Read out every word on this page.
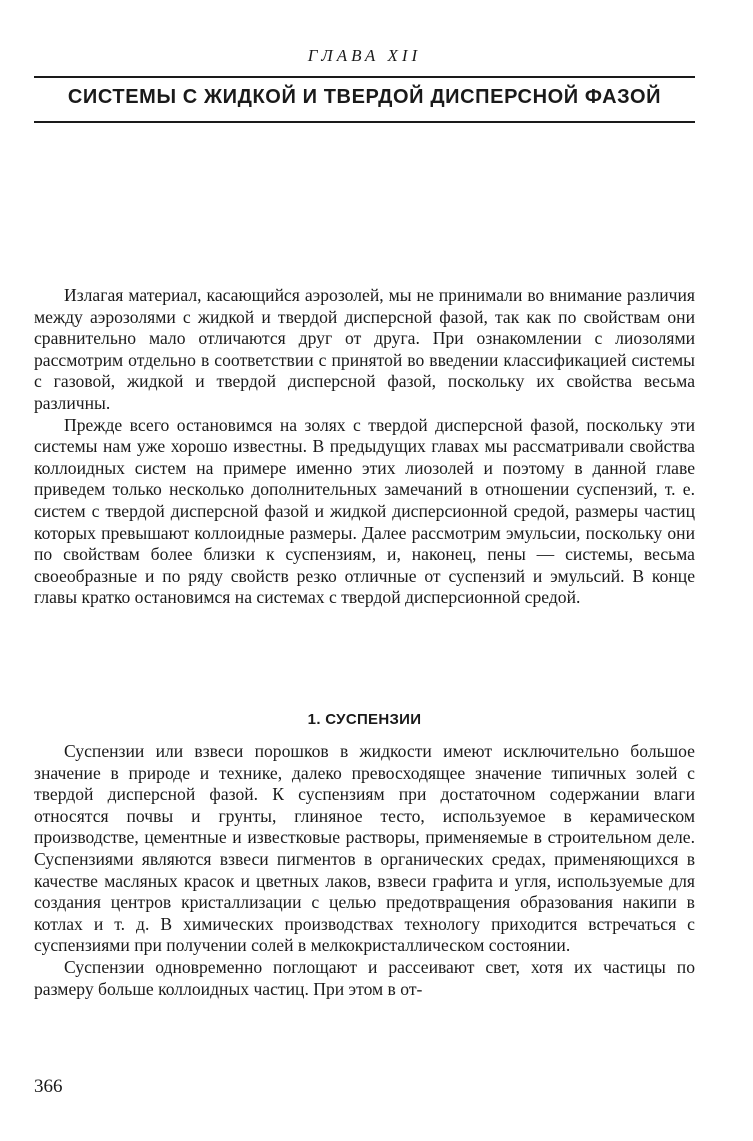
ГЛАВА XII
СИСТЕМЫ С ЖИДКОЙ И ТВЕРДОЙ ДИСПЕРСНОЙ ФАЗОЙ

Излагая материал, касающийся аэрозолей, мы не принимали во внимание различия между аэрозолями с жидкой и твердой дисперсной фазой, так как по свойствам они сравнительно мало отличаются друг от друга. При ознакомлении с лиозолями рассмотрим отдельно в соответствии с принятой во введении классификацией системы с газовой, жидкой и твердой дисперсной фазой, поскольку их свойства весьма различны.

Прежде всего остановимся на золях с твердой дисперсной фазой, поскольку эти системы нам уже хорошо известны. В предыдущих главах мы рассматривали свойства коллоидных систем на примере именно этих лиозолей и поэтому в данной главе приведем только несколько дополнительных замечаний в отношении суспензий, т. е. систем с твердой дисперсной фазой и жидкой дисперсионной средой, размеры частиц которых превышают коллоидные размеры. Далее рассмотрим эмульсии, поскольку они по свойствам более близки к суспензиям, и, наконец, пены — системы, весьма своеобразные и по ряду свойств резко отличные от суспензий и эмульсий. В конце главы кратко остановимся на системах с твердой дисперсионной средой.

1. СУСПЕНЗИИ

Суспензии или взвеси порошков в жидкости имеют исключительно большое значение в природе и технике, далеко превосходящее значение типичных золей с твердой дисперсной фазой. К суспензиям при достаточном содержании влаги относятся почвы и грунты, глиняное тесто, используемое в керамическом производстве, цементные и известковые растворы, применяемые в строительном деле. Суспензиями являются взвеси пигментов в органических средах, применяющихся в качестве масляных красок и цветных лаков, взвеси графита и угля, используемые для создания центров кристаллизации с целью предотвращения образования накипи в котлах и т. д. В химических производствах технологу приходится встречаться с суспензиями при получении солей в мелкокристаллическом состоянии.

Суспензии одновременно поглощают и рассеивают свет, хотя их частицы по размеру больше коллоидных частиц. При этом в от-

366
